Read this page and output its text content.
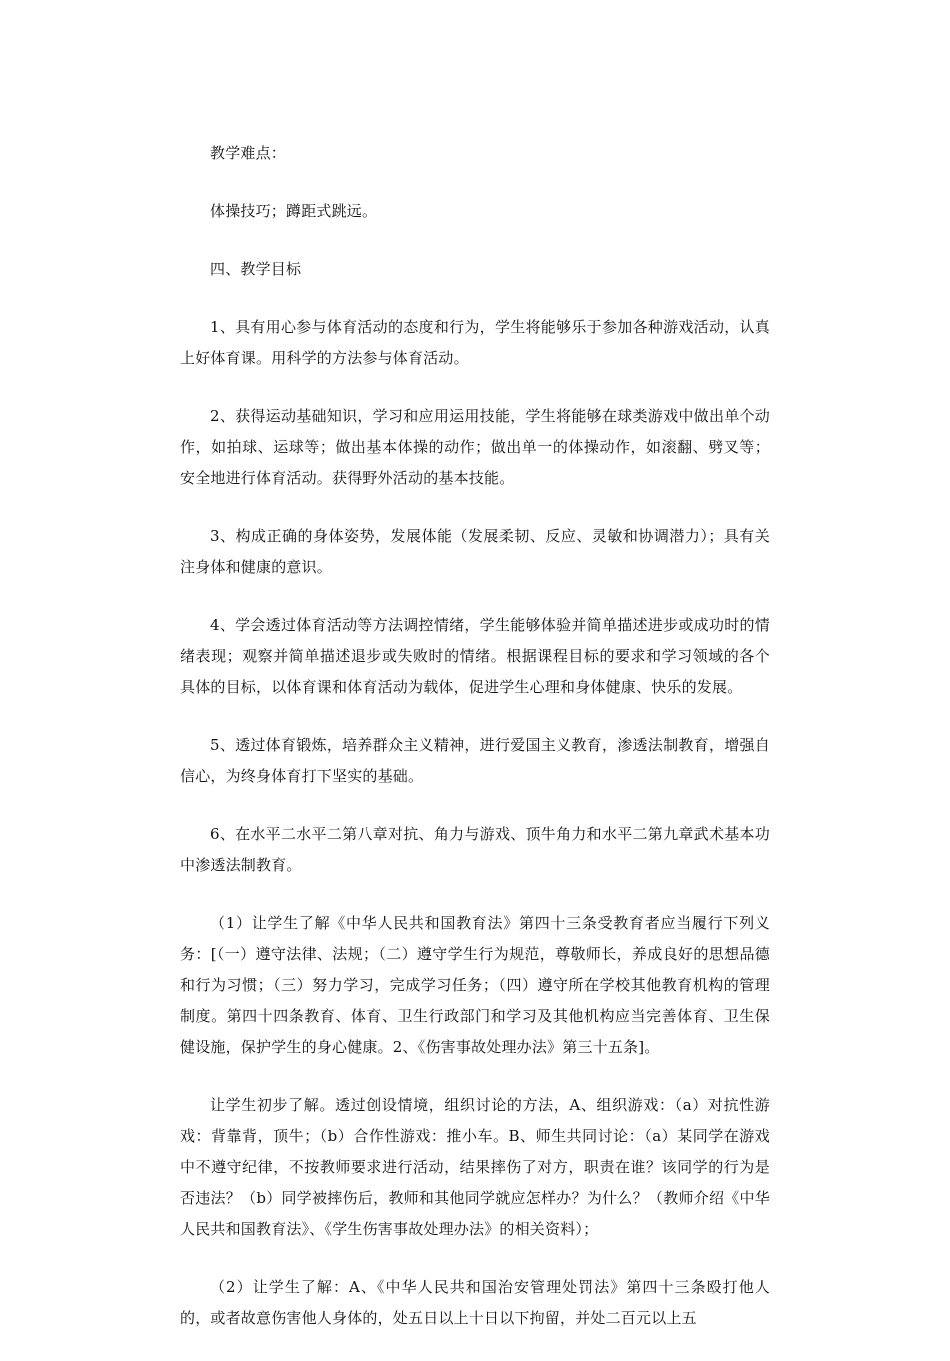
教学难点：

体操技巧；蹲距式跳远。

四、教学目标

1、具有用心参与体育活动的态度和行为，学生将能够乐于参加各种游戏活动，认真上好体育课。用科学的方法参与体育活动。

2、获得运动基础知识，学习和应用运用技能，学生将能够在球类游戏中做出单个动作，如拍球、运球等；做出基本体操的动作；做出单一的体操动作，如滚翻、劈叉等；安全地进行体育活动。获得野外活动的基本技能。

3、构成正确的身体姿势，发展体能（发展柔韧、反应、灵敏和协调潜力）；具有关注身体和健康的意识。

4、学会透过体育活动等方法调控情绪，学生能够体验并简单描述进步或成功时的情绪表现；观察并简单描述退步或失败时的情绪。根据课程目标的要求和学习领域的各个具体的目标，以体育课和体育活动为载体，促进学生心理和身体健康、快乐的发展。

5、透过体育锻炼，培养群众主义精神，进行爱国主义教育，渗透法制教育，增强自信心，为终身体育打下坚实的基础。

6、在水平二水平二第八章对抗、角力与游戏、顶牛角力和水平二第九章武术基本功中渗透法制教育。

（1）让学生了解《中华人民共和国教育法》第四十三条受教育者应当履行下列义务：[（一）遵守法律、法规；（二）遵守学生行为规范，尊敬师长，养成良好的思想品德和行为习惯；（三）努力学习，完成学习任务；（四）遵守所在学校其他教育机构的管理制度。第四十四条教育、体育、卫生行政部门和学习及其他机构应当完善体育、卫生保健设施，保护学生的身心健康。2、《伤害事故处理办法》第三十五条]。

让学生初步了解。透过创设情境，组织讨论的方法，A、组织游戏：（a）对抗性游戏：背靠背，顶牛；（b）合作性游戏：推小车。B、师生共同讨论：（a）某同学在游戏中不遵守纪律，不按教师要求进行活动，结果摔伤了对方，职责在谁？该同学的行为是否违法？（b）同学被摔伤后，教师和其他同学就应怎样办？为什么？（教师介绍《中华人民共和国教育法》、《学生伤害事故处理办法》的相关资料）；

（2）让学生了解：A、《中华人民共和国治安管理处罚法》第四十三条殴打他人的，或者故意伤害他人身体的，处五日以上十日以下拘留，并处二百元以上五
